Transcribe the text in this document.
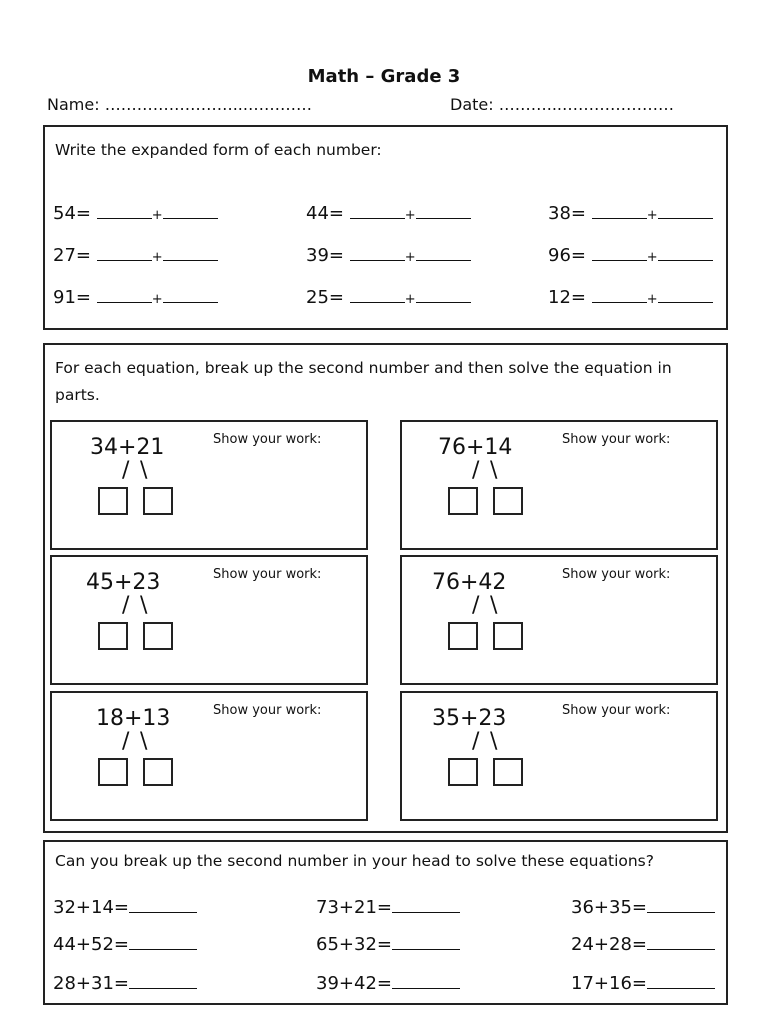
Math – Grade 3
Name: ……………………...…………	Date: ………...…………………
Write the expanded form of each number:
54=	+	44=	+	38=	+
27=	+	39=	+	96=	+
91=	+	25=	+	12=	+
For each equation, break up the second number and then solve the equation in parts.
34+21	Show your work:
/ \
76+14	Show your work:
/ \
45+23	Show your work:
/ \
76+42	Show your work:
/ \
18+13	Show your work:
/ \
35+23	Show your work:
/ \
Can you break up the second number in your head to solve these equations?
32+14=	73+21=	36+35=
44+52=	65+32=	24+28=
28+31=	39+42=	17+16=
